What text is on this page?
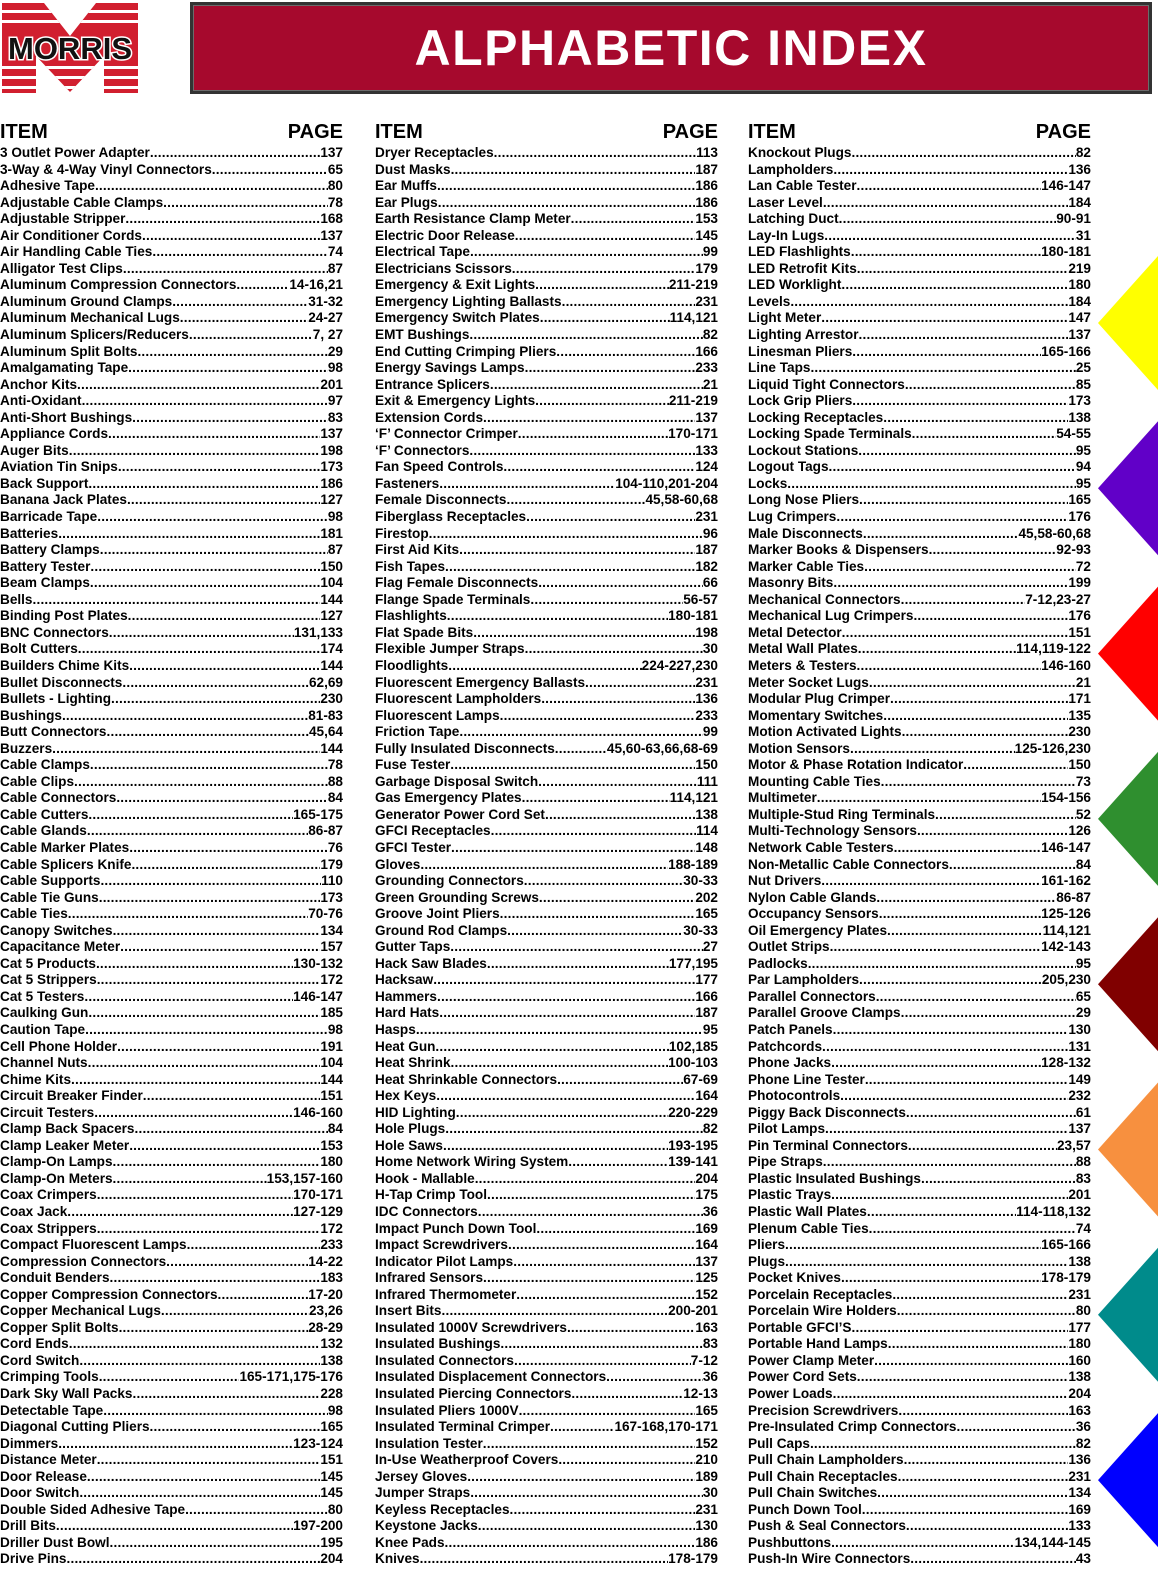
MORRIS	ALPHABETIC INDEX
ITEM	PAGE
3 Outlet Power Adapter .....	137
3-Way & 4-Way Vinyl Connectors .....	65
Adhesive Tape .....	80
Adjustable Cable Clamps .....	78
Adjustable Stripper .....	168
Air Conditioner Cords .....	137
Air Handling Cable Ties .....	74
Alligator Test Clips .....	87
Aluminum Compression Connectors .....	14-16,21
Aluminum Ground Clamps .....	31-32
Aluminum Mechanical Lugs .....	24-27
Aluminum Splicers/Reducers .....	7, 27
Aluminum Split Bolts .....	29
Amalgamating Tape .....	98
Anchor Kits .....	201
Anti-Oxidant .....	97
Anti-Short Bushings .....	83
Appliance Cords .....	137
Auger Bits .....	198
Aviation Tin Snips .....	173
Back Support .....	186
Banana Jack Plates .....	127
Barricade Tape .....	98
Batteries .....	181
Battery Clamps .....	87
Battery Tester .....	150
Beam Clamps .....	104
Bells .....	144
Binding Post Plates .....	127
BNC Connectors .....	131,133
Bolt Cutters .....	174
Builders Chime Kits .....	144
Bullet Disconnects .....	62,69
Bullets - Lighting .....	230
Bushings .....	81-83
Butt Connectors .....	45,64
Buzzers .....	144
Cable Clamps .....	78
Cable Clips .....	88
Cable Connectors .....	84
Cable Cutters .....	165-175
Cable Glands .....	86-87
Cable Marker Plates .....	76
Cable Splicers Knife .....	179
Cable Supports .....	110
Cable Tie Guns .....	173
Cable Ties .....	70-76
Canopy Switches .....	134
Capacitance Meter .....	157
Cat 5 Products .....	130-132
Cat 5 Strippers .....	172
Cat 5 Testers .....	146-147
Caulking Gun .....	185
Caution Tape .....	98
Cell Phone Holder .....	191
Channel Nuts .....	104
Chime Kits .....	144
Circuit Breaker Finder .....	151
Circuit Testers .....	146-160
Clamp Back Spacers .....	84
Clamp Leaker Meter .....	153
Clamp-On Lamps .....	180
Clamp-On Meters .....	153,157-160
Coax Crimpers .....	170-171
Coax Jack .....	127-129
Coax Strippers .....	172
Compact Fluorescent Lamps .....	233
Compression Connectors .....	14-22
Conduit Benders .....	183
Copper Compression Connectors .....	17-20
Copper Mechanical Lugs .....	23,26
Copper Split Bolts .....	28-29
Cord Ends .....	132
Cord Switch .....	138
Crimping Tools .....	165-171,175-176
Dark Sky Wall Packs .....	228
Detectable Tape .....	98
Diagonal Cutting Pliers .....	165
Dimmers .....	123-124
Distance Meter .....	151
Door Release .....	145
Door Switch .....	145
Double Sided Adhesive Tape .....	80
Drill Bits .....	197-200
Driller Dust Bowl .....	195
Drive Pins .....	204
ITEM	PAGE
Dryer Receptacles .....	113
Dust Masks .....	187
Ear Muffs .....	186
Ear Plugs .....	186
Earth Resistance Clamp Meter .....	153
Electric Door Release .....	145
Electrical Tape .....	99
Electricians Scissors .....	179
Emergency & Exit Lights .....	211-219
Emergency Lighting Ballasts .....	231
Emergency Switch Plates .....	114,121
EMT Bushings .....	82
End Cutting Crimping Pliers .....	166
Energy Savings Lamps .....	233
Entrance Splicers .....	21
Exit & Emergency Lights .....	211-219
Extension Cords .....	137
‘F’ Connector Crimper .....	170-171
‘F’ Connectors .....	133
Fan Speed Controls .....	124
Fasteners .....	104-110,201-204
Female Disconnects .....	45,58-60,68
Fiberglass Receptacles .....	231
Firestop .....	96
First Aid Kits .....	187
Fish Tapes .....	182
Flag Female Disconnects .....	66
Flange Spade Terminals .....	56-57
Flashlights .....	180-181
Flat Spade Bits .....	198
Flexible Jumper Straps .....	30
Floodlights .....	224-227,230
Fluorescent Emergency Ballasts .....	231
Fluorescent Lampholders .....	136
Fluorescent Lamps .....	233
Friction Tape .....	99
Fully Insulated Disconnects .....	45,60-63,66,68-69
Fuse Tester .....	150
Garbage Disposal Switch .....	111
Gas Emergency Plates .....	114,121
Generator Power Cord Set .....	138
GFCI Receptacles .....	114
GFCI Tester .....	148
Gloves .....	188-189
Grounding Connectors .....	30-33
Green Grounding Screws .....	202
Groove Joint Pliers .....	165
Ground Rod Clamps .....	30-33
Gutter Taps .....	27
Hack Saw Blades .....	177,195
Hacksaw .....	177
Hammers .....	166
Hard Hats .....	187
Hasps .....	95
Heat Gun .....	102,185
Heat Shrink .....	100-103
Heat Shrinkable Connectors .....	67-69
Hex Keys .....	164
HID Lighting .....	220-229
Hole Plugs .....	82
Hole Saws .....	193-195
Home Network Wiring System .....	139-141
Hook - Mallable .....	204
H-Tap Crimp Tool .....	175
IDC Connectors .....	36
Impact Punch Down Tool .....	169
Impact Screwdrivers .....	164
Indicator Pilot Lamps .....	137
Infrared Sensors .....	125
Infrared Thermometer .....	152
Insert Bits .....	200-201
Insulated 1000V Screwdrivers .....	163
Insulated Bushings .....	83
Insulated Connectors .....	7-12
Insulated Displacement Connectors .....	36
Insulated Piercing Connectors .....	12-13
Insulated Pliers 1000V .....	165
Insulated Terminal Crimper .....	167-168,170-171
Insulation Tester .....	152
In-Use Weatherproof Covers .....	210
Jersey Gloves .....	189
Jumper Straps .....	30
Keyless Receptacles .....	231
Keystone Jacks .....	130
Knee Pads .....	186
Knives .....	178-179
ITEM	PAGE
Knockout Plugs .....	82
Lampholders .....	136
Lan Cable Tester .....	146-147
Laser Level .....	184
Latching Duct .....	90-91
Lay-In Lugs .....	31
LED Flashlights .....	180-181
LED Retrofit Kits .....	219
LED Worklight .....	180
Levels .....	184
Light Meter .....	147
Lighting Arrestor .....	137
Linesman Pliers .....	165-166
Line Taps .....	25
Liquid Tight Connectors .....	85
Lock Grip Pliers .....	173
Locking Receptacles .....	138
Locking Spade Terminals .....	54-55
Lockout Stations .....	95
Logout Tags .....	94
Locks .....	95
Long Nose Pliers .....	165
Lug Crimpers .....	176
Male Disconnects .....	45,58-60,68
Marker Books & Dispensers .....	92-93
Marker Cable Ties .....	72
Masonry Bits .....	199
Mechanical Connectors .....	7-12,23-27
Mechanical Lug Crimpers .....	176
Metal Detector .....	151
Metal Wall Plates .....	114,119-122
Meters & Testers .....	146-160
Meter Socket Lugs .....	21
Modular Plug Crimper .....	171
Momentary Switches .....	135
Motion Activated Lights .....	230
Motion Sensors .....	125-126,230
Motor & Phase Rotation Indicator .....	150
Mounting Cable Ties .....	73
Multimeter .....	154-156
Multiple-Stud Ring Terminals .....	52
Multi-Technology Sensors .....	126
Network Cable Testers .....	146-147
Non-Metallic Cable Connectors .....	84
Nut Drivers .....	161-162
Nylon Cable Glands .....	86-87
Occupancy Sensors .....	125-126
Oil Emergency Plates .....	114,121
Outlet Strips .....	142-143
Padlocks .....	95
Par Lampholders .....	205,230
Parallel Connectors .....	65
Parallel Groove Clamps .....	29
Patch Panels .....	130
Patchcords .....	131
Phone Jacks .....	128-132
Phone Line Tester .....	149
Photocontrols .....	232
Piggy Back Disconnects .....	61
Pilot Lamps .....	137
Pin Terminal Connectors .....	23,57
Pipe Straps .....	88
Plastic Insulated Bushings .....	83
Plastic Trays .....	201
Plastic Wall Plates .....	114-118,132
Plenum Cable Ties .....	74
Pliers .....	165-166
Plugs .....	138
Pocket Knives .....	178-179
Porcelain Receptacles .....	231
Porcelain Wire Holders .....	80
Portable GFCI’S .....	177
Portable Hand Lamps .....	180
Power Clamp Meter .....	160
Power Cord Sets .....	138
Power Loads .....	204
Precision Screwdrivers .....	163
Pre-Insulated Crimp Connectors .....	36
Pull Caps .....	82
Pull Chain Lampholders .....	136
Pull Chain Receptacles .....	231
Pull Chain Switches .....	134
Punch Down Tool .....	169
Push & Seal Connectors .....	133
Pushbuttons .....	134,144-145
Push-In Wire Connectors .....	43
